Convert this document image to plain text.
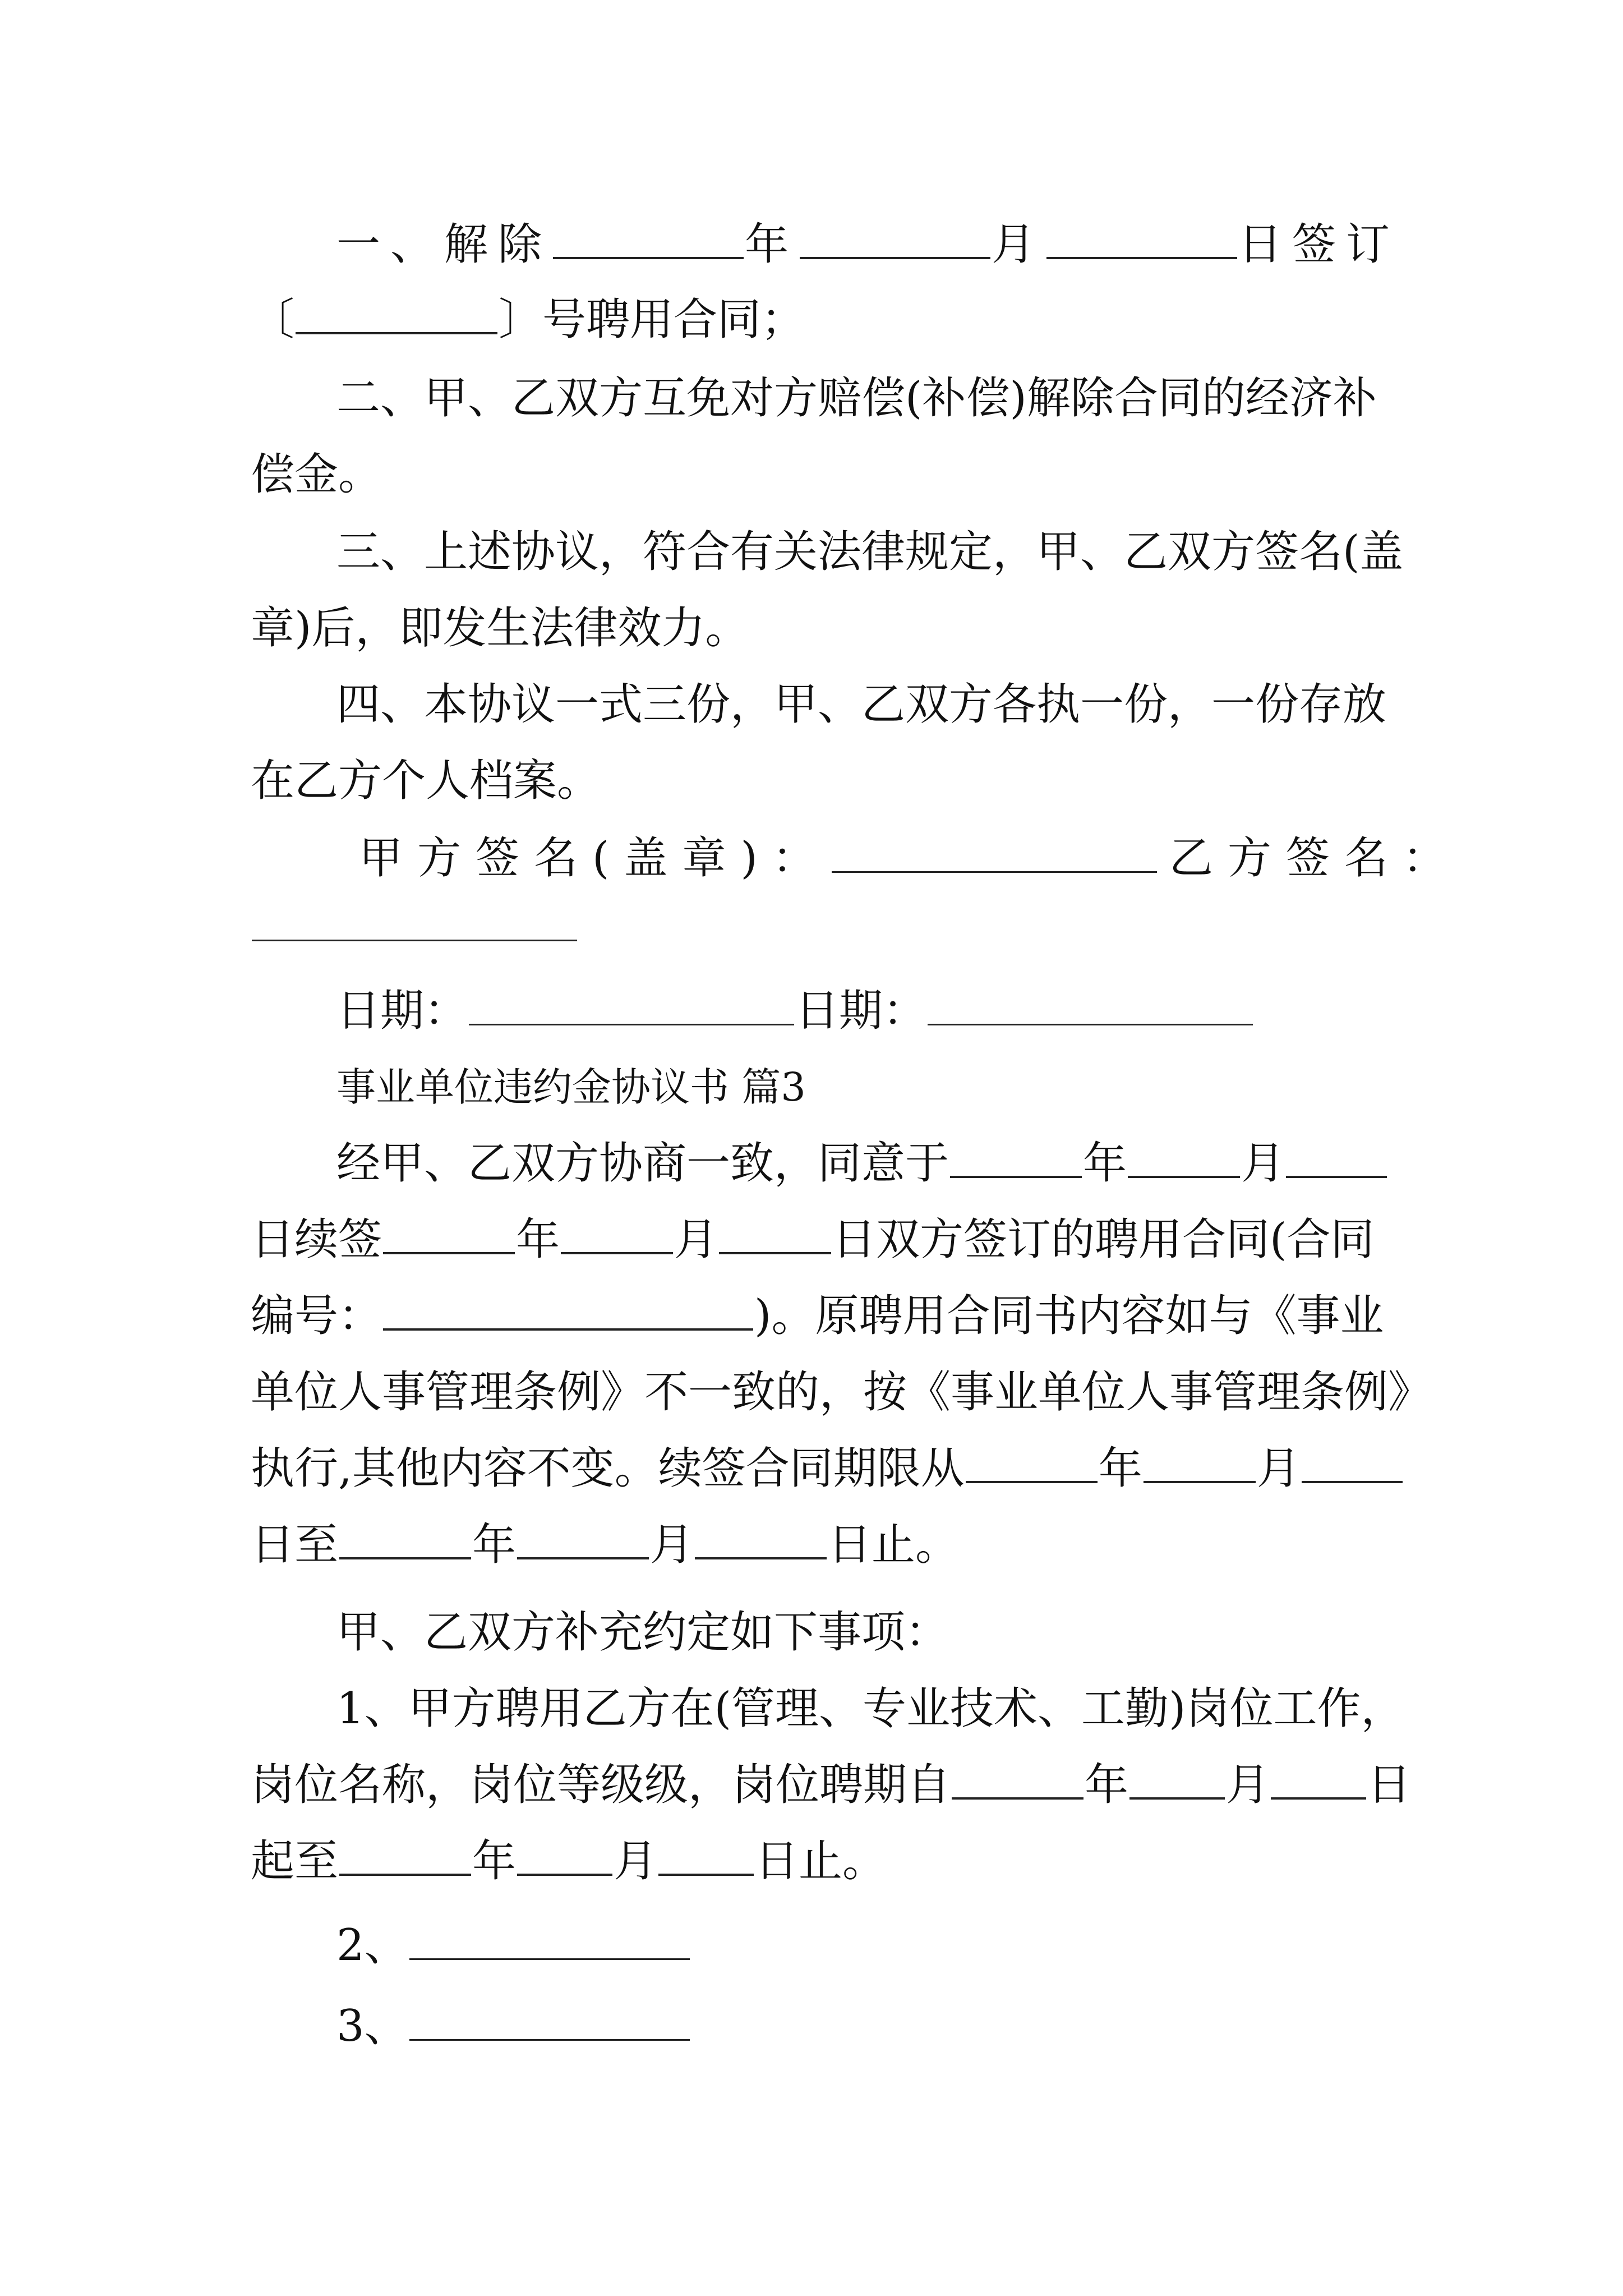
一、解除	年	月	日签订
〔	〕号聘用合同；
二、甲、乙双方互免对方赔偿(补偿)解除合同的经济补
偿金。
三、上述协议，符合有关法律规定，甲、乙双方签名(盖
章)后，即发生法律效力。
四、本协议一式三份，甲、乙双方各执一份，一份存放
在乙方个人档案。
甲方签名(盖章)：	乙方签名：
日期：	日期：
事业单位违约金协议书 篇3
经甲、乙双方协商一致，同意于	年	月
日续签	年	月	日双方签订的聘用合同(合同
编号：	)。原聘用合同书内容如与《事业
单位人事管理条例》不一致的，按《事业单位人事管理条例》
执行,其他内容不变。续签合同期限从	年	月
日至	年	月	日止。
甲、乙双方补充约定如下事项：
1、甲方聘用乙方在(管理、专业技术、工勤)岗位工作，
岗位名称，岗位等级级，岗位聘期自	年 月 日
起至	年 月 日止。
2、
3、
